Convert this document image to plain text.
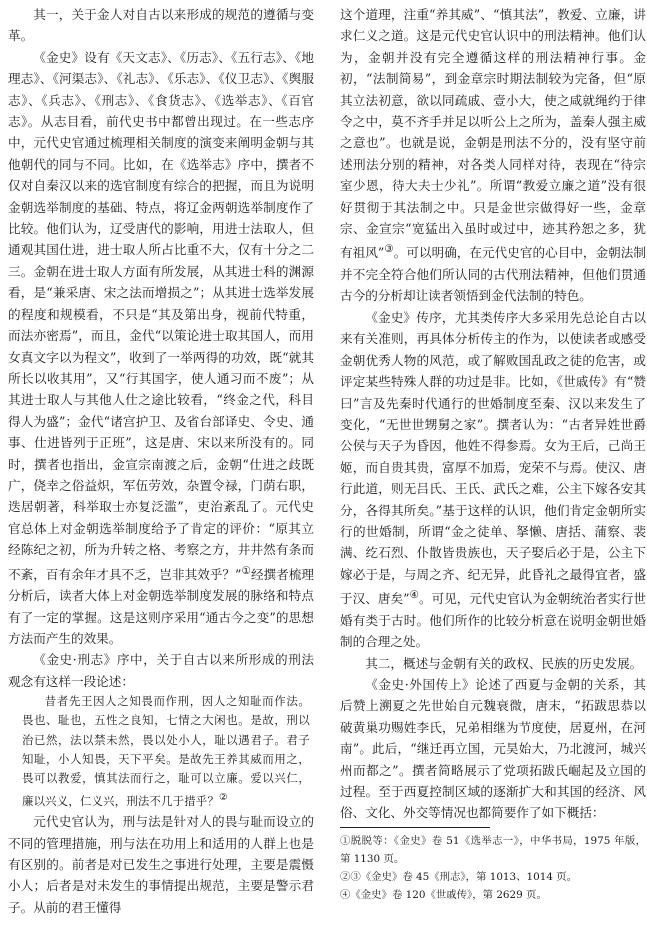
其一，关于金人对自古以来形成的规范的遵循与变革。

《金史》设有《天文志》、《历志》、《五行志》、《地理志》、《河渠志》、《礼志》、《乐志》、《仪卫志》、《舆服志》、《兵志》、《刑志》、《食货志》、《选举志》、《百官志》。从志目看，前代史书中都曾出现过。在一些志序中，元代史官通过梳理相关制度的演变来阐明金朝与其他朝代的同与不同。比如，在《选举志》序中，撰者不仅对自秦汉以来的选官制度有综合的把握，而且为说明金朝选举制度的基础、特点，将辽金两朝选举制度作了比较。他们认为，辽受唐代的影响，用进士法取人，但通观其国仕进，进士取人所占比重不大，仅有十分之二三。金朝在进士取人方面有所发展，从其进士科的渊源看，是“兼采唐、宋之法而增损之”；从其进士选举发展的程度和规模看，不只是“其及第出身，视前代特重，而法亦密焉”，而且，金代“以策论进士取其国人，而用女真文字以为程文”，收到了一举两得的功效，既“就其所长以收其用”，又“行其国字，使人通习而不废”；从其进士取人与其他人仕之途比较看，“终金之代，科目得人为盛”；金代“诸宫护卫、及省台部译史、令史、通事、仕进皆列于正班”，这是唐、宋以来所没有的。同时，撰者也指出，金宣宗南渡之后，金朝“仕进之歧既广，侥幸之俗益炽，军伍劳效，杂置令禄，门荫右职，迭居朝著，科举取士亦复泛滥”，吏治紊乱了。元代史官总体上对金朝选举制度给予了肯定的评价：“原其立经陈纪之初，所为升转之格、考察之方，井井然有条而不紊，百有余年才具不乏，岂非其效乎？”①经撰者梳理分析后，读者大体上对金朝选举制度发展的脉络和特点有了一定的掌握。这是这则序采用“通古今之变”的思想方法而产生的效果。

《金史·刑志》序中，关于自古以来所形成的刑法观念有这样一段论述：

昔者先王因人之知畏而作刑，因人之知耻而作法。畏也、耻也，五性之良知，七情之大闲也。是故，刑以治已然，法以禁未然，畏以处小人，耻以遇君子。君子知耻，小人知畏，天下平矣。是故先王养其威而用之，畏可以教爱，慎其法而行之，耻可以立廉。爱以兴仁，廉以兴义，仁义兴，刑法不几于措乎？②

元代史官认为，刑与法是针对人的畏与耻而设立的不同的管理措施，刑与法在功用上和适用的人群上也是有区别的。前者是对已发生之事进行处理，主要是震慑小人；后者是对未发生的事情提出规范，主要是警示君子。从前的君王懂得

这个道理，注重“养其威”、“慎其法”，教爱、立廉，讲求仁义之道。这是元代史官认识中的刑法精神。他们认为，金朝并没有完全遵循这样的刑法精神行事。金初，“法制简易”，到金章宗时期法制较为完备，但“原其立法初意，欲以同疏戚、壹小大，使之咸就绳约于律令之中，莫不齐手并足以听公上之所为，盖秦人强主威之意也”。也就是说，金朝是刑法不分的，没有坚守前述刑法分别的精神，对各类人同样对待，表现在“待宗室少恩，待大夫士少礼”。所谓“教爱立廉之道”没有很好贯彻于其法制之中。只是金世宗做得好一些，金章宗、金宣宗“宽猛出入虽时或过中，迹其矜恕之多，犹有祖风”③。可以明确，在元代史官的心目中，金朝法制并不完全符合他们所认同的古代刑法精神，但他们贯通古今的分析却让读者领悟到金代法制的特色。

《金史》传序，尤其类传序大多采用先总论自古以来有关准则，再具体分析传主的作为，以使读者或感受金朝优秀人物的风范，或了解败国乱政之徒的危害，或评定某些特殊人群的功过是非。比如，《世戚传》有“赞曰”言及先秦时代通行的世婚制度至秦、汉以来发生了变化，“无世世甥舅之家”。撰者认为：“古者异姓世爵公侯与天子为昏因，他姓不得参焉。女为王后，己尚王姬，而自贵其贵，富厚不加焉，宠荣不与焉。使汉、唐行此道，则无吕氏、王氏、武氏之难，公主下嫁各安其分，各得其所矣。”基于这样的认识，他们肯定金朝所实行的世婚制，所谓“金之徒单、拏懒、唐括、蒲察、裴满、纥石烈、仆散皆贵族也，天子娶后必于是，公主下嫁必于是，与周之齐、纪无异，此昏礼之最得宜者，盛于汉、唐矣”④。可见，元代史官认为金朝统治者实行世婚有类于古时。他们所作的比较分析意在说明金朝世婚制的合理之处。

其二，概述与金朝有关的政权、民族的历史发展。

《金史·外国传上》论述了西夏与金朝的关系，其后赞上溯夏之先世始自元魏衰微，唐末，“拓跋思恭以破黄巢功赐姓李氏，兄弟相继为节度使，居夏州，在河南”。此后，“继迁再立国，元昊始大，乃北渡河，城兴州而都之”。撰者简略展示了党项拓跋氏崛起及立国的过程。至于西夏控制区域的逐渐扩大和其国的经济、风俗、文化、外交等情况也都简要作了如下概括：

①脱脱等：《金史》卷 51《选举志一》，中华书局，1975 年版，第 1130 页。

②③《金史》卷 45《刑志》，第 1013、1014 页。

④《金史》卷 120《世戚传》，第 2629 页。
